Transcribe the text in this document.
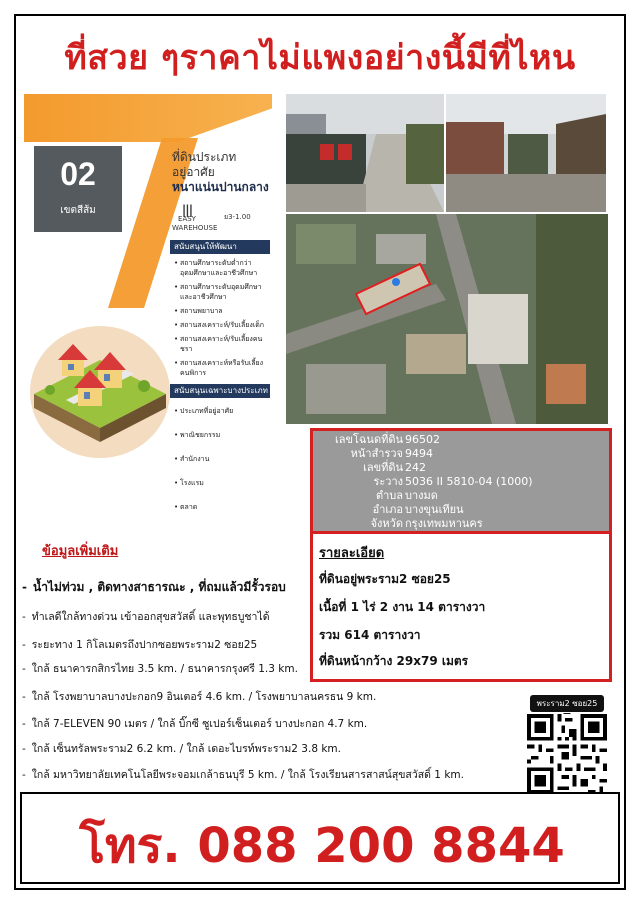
ที่สวย ๆราคาไม่แพงอย่างนี้มีที่ไหน
02
เขตสีส้ม
ที่ดินประเภท
อยู่อาศัย
หนาแน่นปานกลาง
|||
EASY WAREHOUSE
ย3-1.00
สนับสนุนให้พัฒนา
• สถานศึกษาระดับต่ำกว่าอุดมศึกษาและอาชีวศึกษา
• สถานศึกษาระดับอุดมศึกษาและอาชีวศึกษา
• สถานพยาบาล
• สถานสงเคราะห์/รับเลี้ยงเด็ก
• สถานสงเคราะห์/รับเลี้ยงคนชรา
• สถานสงเคราะห์หรือรับเลี้ยงคนพิการ
สนับสนุนเฉพาะบางประเภทย่อย
• ประเภทที่อยู่อาศัย
• พาณิชยกรรม
• สำนักงาน
• โรงแรม
• ตลาด
เลขโฉนดที่ดิน 96502
หน้าสำรวจ 9494
เลขที่ดิน 242
ระวาง 5036 II 5810-04 (1000)
ตำบล บางมด
อำเภอ บางขุนเทียน
จังหวัด กรุงเทพมหานคร
รายละเอียด
ที่ดินอยู่พระราม2 ซอย25
เนื้อที่ 1 ไร่ 2 งาน 14 ตารางวา
รวม 614 ตารางวา
ที่ดินหน้ากว้าง 29x79 เมตร
ข้อมูลเพิ่มเติม
- น้ำไม่ท่วม , ติดทางสาธารณะ , ที่ถมแล้วมีรั้วรอบ
- ทำเลดีใกล้ทางด่วน เข้าออกสุขสวัสดิ์ และพุทธบูชาได้
- ระยะทาง 1 กิโลเมตรถึงปากซอยพระราม2 ซอย25
- ใกล้ ธนาคารกสิกรไทย 3.5 km. / ธนาคารกรุงศรี 1.3 km.
- ใกล้ โรงพยาบาลบางปะกอก9 อินเตอร์ 4.6 km. / โรงพยาบาลนครธน 9 km.
- ใกล้ 7-ELEVEN 90 เมตร / ใกล้ บิ๊กซี ซูเปอร์เซ็นเตอร์ บางปะกอก 4.7 km.
- ใกล้ เซ็นทรัลพระราม2 6.2 km. / ใกล้ เดอะไบรท์พระราม2 3.8 km.
- ใกล้ มหาวิทยาลัยเทคโนโลยีพระจอมเกล้าธนบุรี 5 km. / ใกล้ โรงเรียนสารสาสน์สุขสวัสดิ์ 1 km.
พระราม2 ซอย25
โทร. 088 200 8844
